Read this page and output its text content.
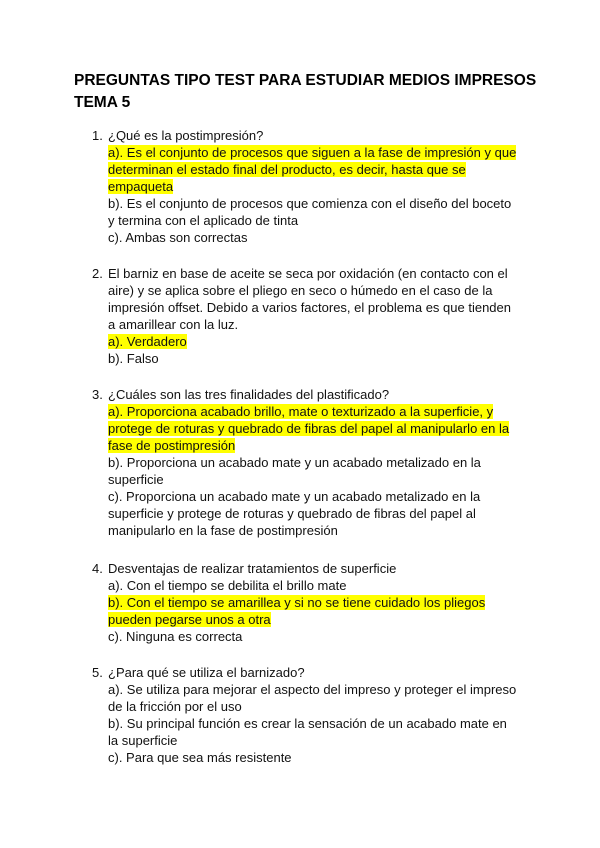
PREGUNTAS TIPO TEST PARA ESTUDIAR MEDIOS IMPRESOS
TEMA 5
1. ¿Qué es la postimpresión?

a). Es el conjunto de procesos que siguen a la fase de impresión y que determinan el estado final del producto, es decir, hasta que se empaqueta

b). Es el conjunto de procesos que comienza con el diseño del boceto y termina con el aplicado de tinta

c). Ambas son correctas

2. El barniz en base de aceite se seca por oxidación (en contacto con el aire) y se aplica sobre el pliego en seco o húmedo en el caso de la impresión offset. Debido a varios factores, el problema es que tienden a amarillear con la luz.

a). Verdadero

b). Falso

3. ¿Cuáles son las tres finalidades del plastificado?

a). Proporciona acabado brillo, mate o texturizado a la superficie, y protege de roturas y quebrado de fibras del papel al manipularlo en la fase de postimpresión

b). Proporciona un acabado mate y un acabado metalizado en la superficie

c). Proporciona un acabado mate y un acabado metalizado en la superficie y protege de roturas y quebrado de fibras del papel al manipularlo en la fase de postimpresión

4. Desventajas de realizar tratamientos de superficie

a). Con el tiempo se debilita el brillo mate

b). Con el tiempo se amarillea y si no se tiene cuidado los pliegos pueden pegarse unos a otra

c). Ninguna es correcta

5. ¿Para qué se utiliza el barnizado?

a). Se utiliza para mejorar el aspecto del impreso y proteger el impreso de la fricción por el uso

b). Su principal función es crear la sensación de un acabado mate en la superficie

c). Para que sea más resistente
